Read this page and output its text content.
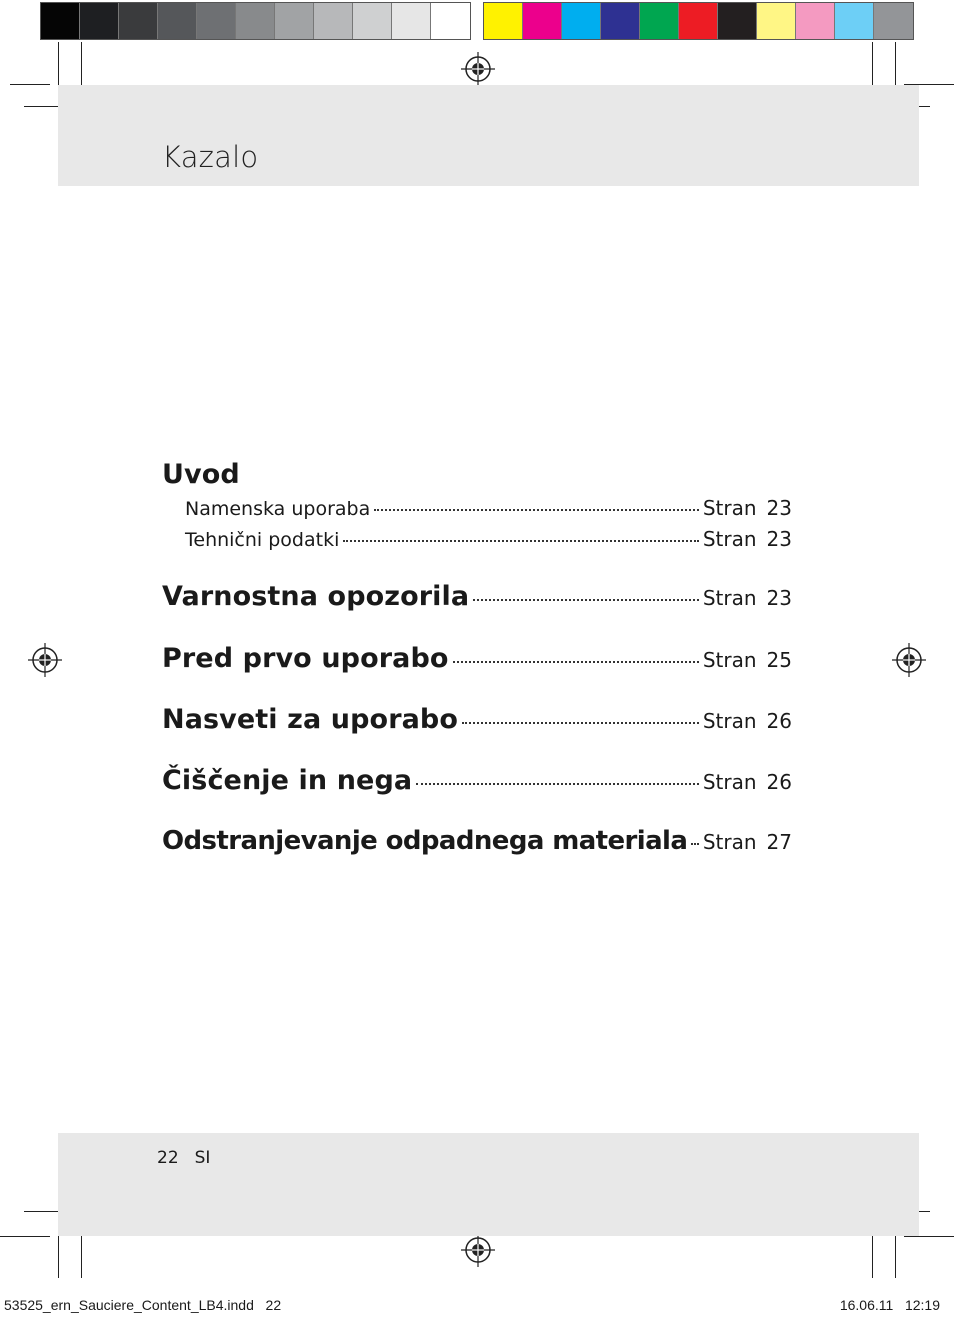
Kazalo
Uvod
Namenska uporaba	Stran 23
Tehnični podatki	Stran 23
Varnostna opozorila	Stran 23
Pred prvo uporabo	Stran 25
Nasveti za uporabo	Stran 26
Čiščenje in nega	Stran 26
Odstranjevanje odpadnega materiala Stran 27
22 SI
53525_ern_Sauciere_Content_LB4.indd   22	16.06.11   12:19
